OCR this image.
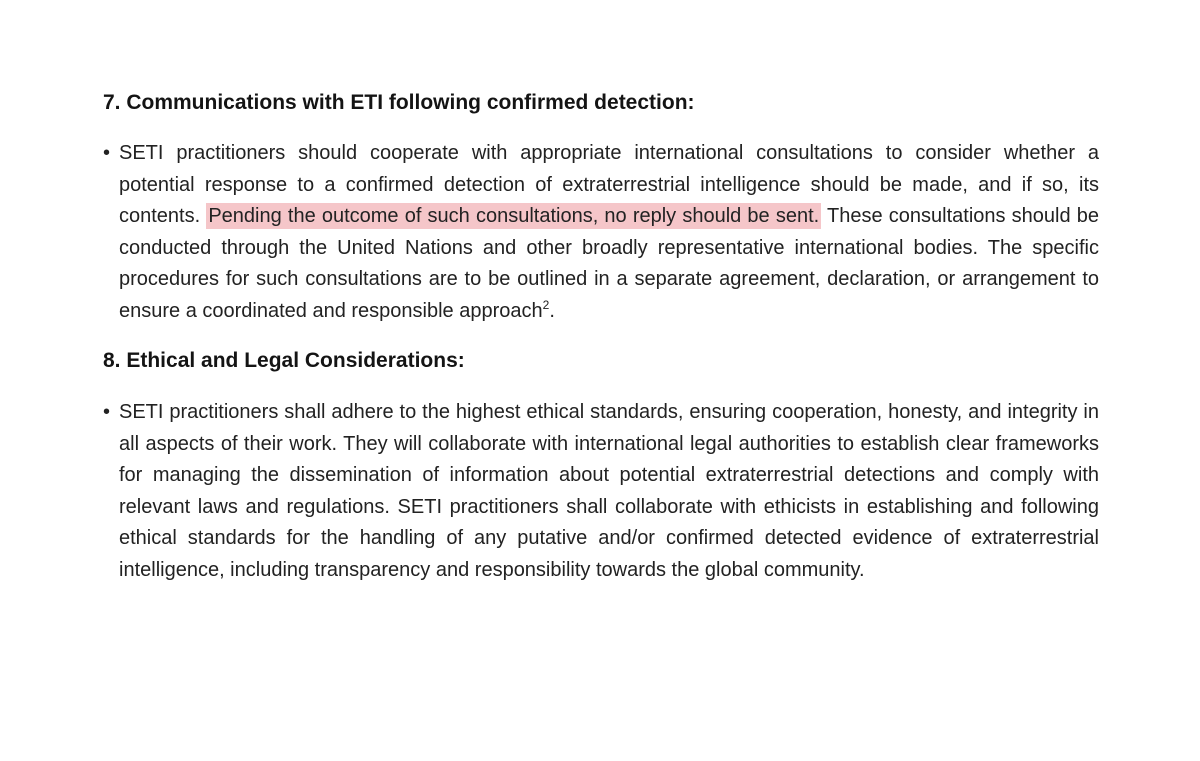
7. Communications with ETI following confirmed detection:

• SETI practitioners should cooperate with appropriate international consultations to consider whether a potential response to a confirmed detection of extraterrestrial intelligence should be made, and if so, its contents. Pending the outcome of such consultations, no reply should be sent. These consultations should be conducted through the United Nations and other broadly representative international bodies. The specific procedures for such consultations are to be outlined in a separate agreement, declaration, or arrangement to ensure a coordinated and responsible approach$^2$.

8. Ethical and Legal Considerations:

• SETI practitioners shall adhere to the highest ethical standards, ensuring cooperation, honesty, and integrity in all aspects of their work. They will collaborate with international legal authorities to establish clear frameworks for managing the dissemination of information about potential extraterrestrial detections and comply with relevant laws and regulations. SETI practitioners shall collaborate with ethicists in establishing and following ethical standards for the handling of any putative and/or confirmed detected evidence of extraterrestrial intelligence, including transparency and responsibility towards the global community.
